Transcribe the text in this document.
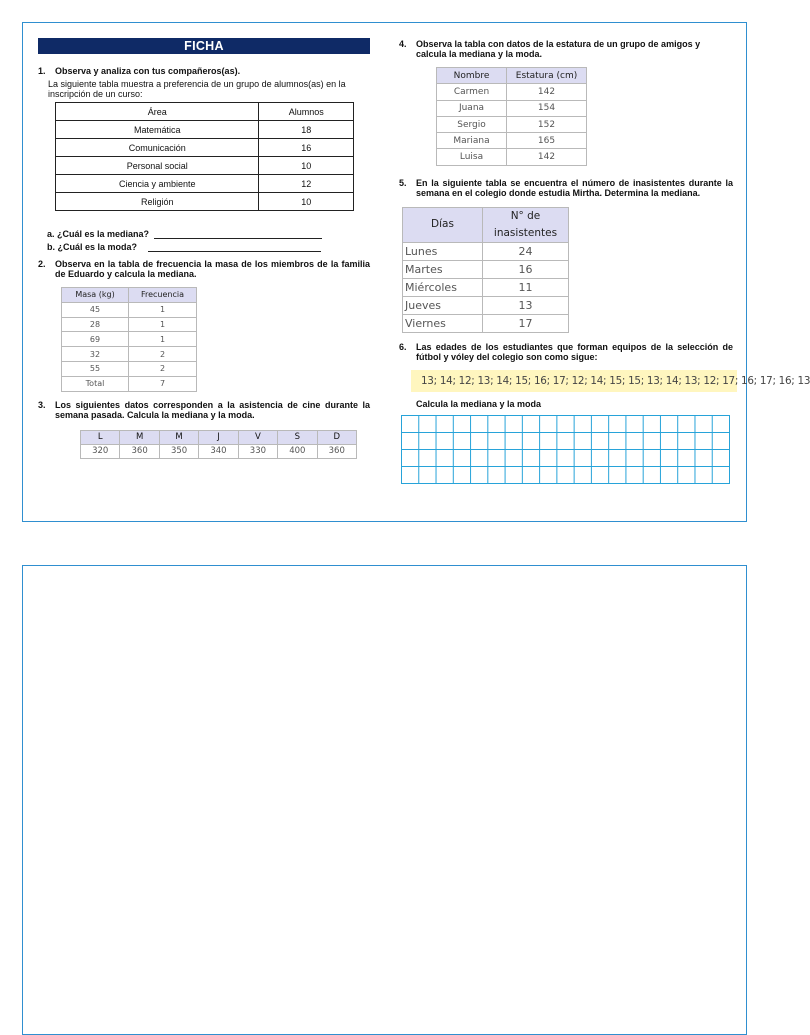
FICHA
1.	Observa y analiza con tus compañeros(as).
La siguiente tabla muestra a preferencia de un grupo de alumnos(as) en la inscripción de un curso:
Área	Alumnos
Matemática	18
Comunicación	16
Personal social	10
Ciencia y ambiente	12
Religión	10
a. ¿Cuál es la mediana?
b. ¿Cuál es la moda?
2.	Observa en la tabla de frecuencia la masa de los miembros de la familia de Eduardo y calcula la mediana.
Masa (kg)	Frecuencia
45	1
28	1
69	1
32	2
55	2
Total	7
3.	Los siguientes datos corresponden a la asistencia de cine durante la semana pasada. Calcula la mediana y la moda.
L	M	M	J	V	S	D
320	360	350	340	330	400	360
4.	Observa la tabla con datos de la estatura de un grupo de amigos y calcula la mediana y la moda.
Nombre	Estatura (cm)
Carmen	142
Juana	154
Sergio	152
Mariana	165
Luisa	142
5.	En la siguiente tabla se encuentra el número de inasistentes durante la semana en el colegio donde estudia Mirtha. Determina la mediana.
Días	N° de
inasistentes

Lunes	24
Martes	16
Miércoles	11
Jueves	13
Viernes	17
6.	Las edades de los estudiantes que forman equipos de la selección de fútbol y vóley del colegio son como sigue:
13; 14; 12; 13; 14; 15; 16; 17; 12; 14; 15; 15; 13; 14; 13; 12; 17; 16; 17; 16; 13
Calcula la mediana y la moda
